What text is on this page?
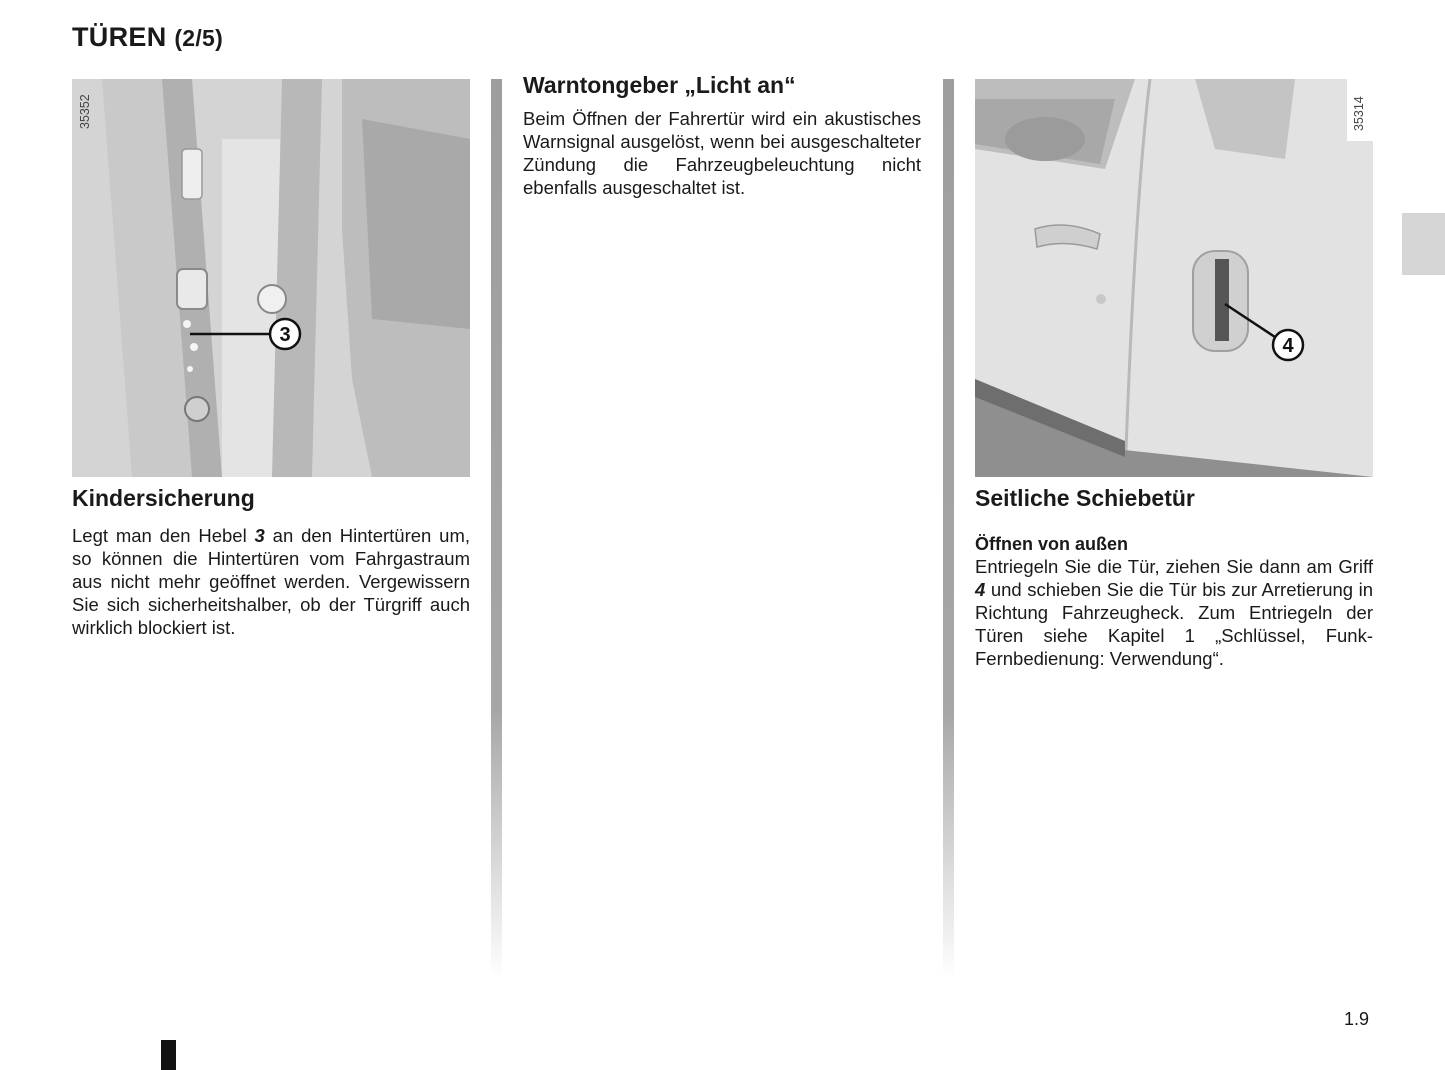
TÜREN (2/5)
3
35352
Kindersicherung

Legt man den Hebel 3 an den Hintertüren um, so können die Hintertüren vom Fahrgastraum aus nicht mehr geöffnet werden. Vergewissern Sie sich sicherheitshalber, ob der Türgriff auch wirklich blockiert ist.

Warntongeber „Licht an“

Beim Öffnen der Fahrertür wird ein akustisches Warnsignal ausgelöst, wenn bei ausgeschalteter Zündung die Fahrzeugbeleuchtung nicht ebenfalls ausgeschaltet ist.

4
35314
Seitliche Schiebetür
Öffnen von außen

Entriegeln Sie die Tür, ziehen Sie dann am Griff 4 und schieben Sie die Tür bis zur Arretierung in Richtung Fahrzeugheck. Zum Entriegeln der Türen siehe Kapitel 1 „Schlüssel, Funk-Fernbedienung: Verwendung“.

1.9
